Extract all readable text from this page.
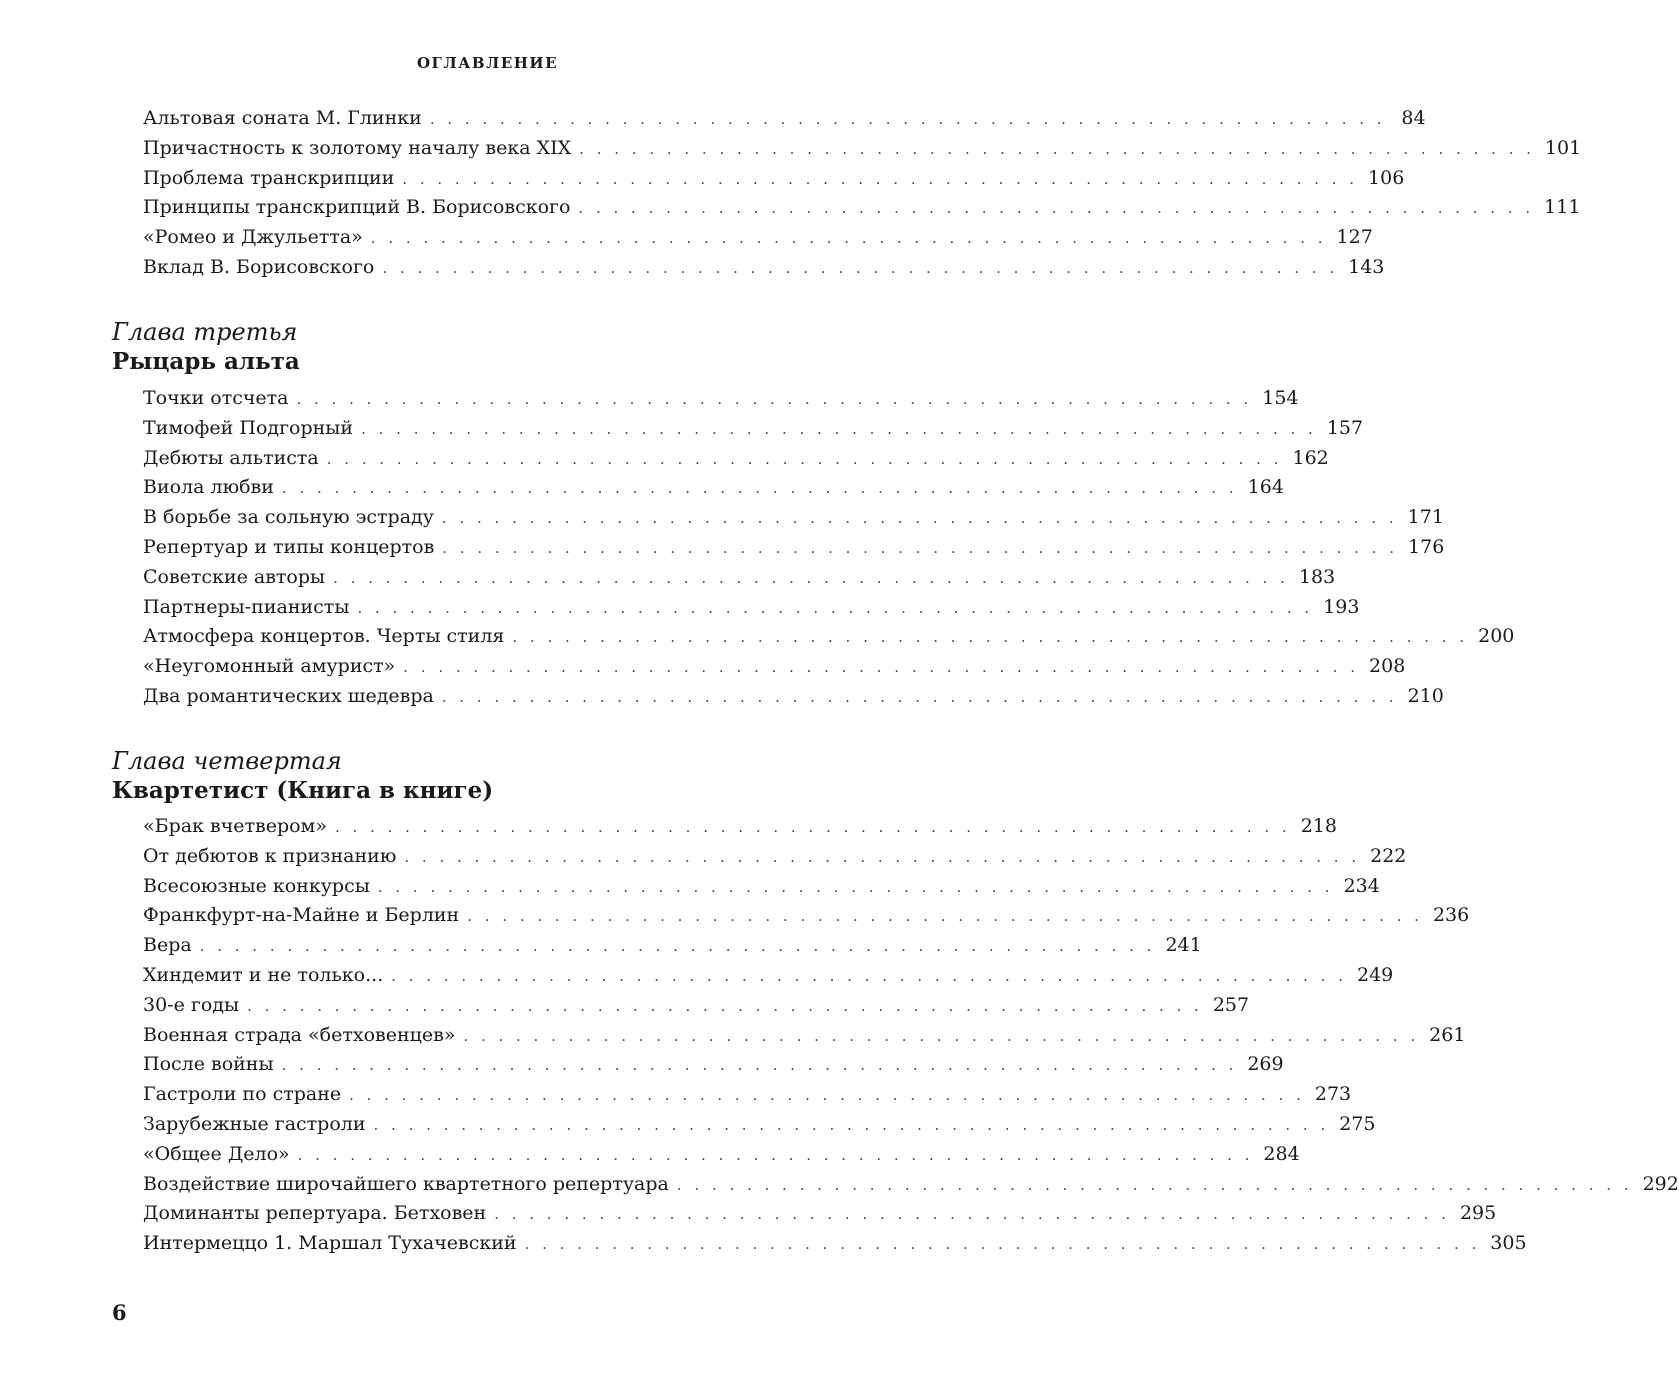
ОГЛАВЛЕНИЕ
Альтовая соната М. Глинки . . . . . . . . . . . . . . . . . . . . . . . . . . . . . . . . . . . . . . . . . . . . . . . . . . . . . . . 84
Причастность к золотому началу века XIX . . . . . . . . . . . . . . . . . . . . . . . . . . . . . . . . . . . . . . . . . . . . . . . . . . . . . . . 101
Проблема транскрипции . . . . . . . . . . . . . . . . . . . . . . . . . . . . . . . . . . . . . . . . . . . . . . . . . . . . . . . 106
Принципы транскрипций В. Борисовского . . . . . . . . . . . . . . . . . . . . . . . . . . . . . . . . . . . . . . . . . . . . . . . . . . . . . . . 111
«Ромео и Джульетта» . . . . . . . . . . . . . . . . . . . . . . . . . . . . . . . . . . . . . . . . . . . . . . . . . . . . . . . 127
Вклад В. Борисовского . . . . . . . . . . . . . . . . . . . . . . . . . . . . . . . . . . . . . . . . . . . . . . . . . . . . . . . 143
Глава третья
Рыцарь альта
Точки отсчета . . . . . . . . . . . . . . . . . . . . . . . . . . . . . . . . . . . . . . . . . . . . . . . . . . . . . . . 154
Тимофей Подгорный . . . . . . . . . . . . . . . . . . . . . . . . . . . . . . . . . . . . . . . . . . . . . . . . . . . . . . . 157
Дебюты альтиста . . . . . . . . . . . . . . . . . . . . . . . . . . . . . . . . . . . . . . . . . . . . . . . . . . . . . . . 162
Виола любви . . . . . . . . . . . . . . . . . . . . . . . . . . . . . . . . . . . . . . . . . . . . . . . . . . . . . . . 164
В борьбе за сольную эстраду . . . . . . . . . . . . . . . . . . . . . . . . . . . . . . . . . . . . . . . . . . . . . . . . . . . . . . . 171
Репертуар и типы концертов . . . . . . . . . . . . . . . . . . . . . . . . . . . . . . . . . . . . . . . . . . . . . . . . . . . . . . . 176
Советские авторы . . . . . . . . . . . . . . . . . . . . . . . . . . . . . . . . . . . . . . . . . . . . . . . . . . . . . . . 183
Партнеры-пианисты . . . . . . . . . . . . . . . . . . . . . . . . . . . . . . . . . . . . . . . . . . . . . . . . . . . . . . . 193
Атмосфера концертов. Черты стиля . . . . . . . . . . . . . . . . . . . . . . . . . . . . . . . . . . . . . . . . . . . . . . . . . . . . . . . 200
«Неугомонный амурист» . . . . . . . . . . . . . . . . . . . . . . . . . . . . . . . . . . . . . . . . . . . . . . . . . . . . . . . 208
Два романтических шедевра . . . . . . . . . . . . . . . . . . . . . . . . . . . . . . . . . . . . . . . . . . . . . . . . . . . . . . . 210
Глава четвертая
Квартетист (Книга в книге)
«Брак вчетвером» . . . . . . . . . . . . . . . . . . . . . . . . . . . . . . . . . . . . . . . . . . . . . . . . . . . . . . . 218
От дебютов к признанию . . . . . . . . . . . . . . . . . . . . . . . . . . . . . . . . . . . . . . . . . . . . . . . . . . . . . . . 222
Всесоюзные конкурсы . . . . . . . . . . . . . . . . . . . . . . . . . . . . . . . . . . . . . . . . . . . . . . . . . . . . . . . 234
Франкфурт-на-Майне и Берлин . . . . . . . . . . . . . . . . . . . . . . . . . . . . . . . . . . . . . . . . . . . . . . . . . . . . . . . 236
Вера . . . . . . . . . . . . . . . . . . . . . . . . . . . . . . . . . . . . . . . . . . . . . . . . . . . . . . . 241
Хиндемит и не только... . . . . . . . . . . . . . . . . . . . . . . . . . . . . . . . . . . . . . . . . . . . . . . . . . . . . . . . 249
30-е годы . . . . . . . . . . . . . . . . . . . . . . . . . . . . . . . . . . . . . . . . . . . . . . . . . . . . . . . 257
Военная страда «бетховенцев» . . . . . . . . . . . . . . . . . . . . . . . . . . . . . . . . . . . . . . . . . . . . . . . . . . . . . . . 261
После войны . . . . . . . . . . . . . . . . . . . . . . . . . . . . . . . . . . . . . . . . . . . . . . . . . . . . . . . 269
Гастроли по стране . . . . . . . . . . . . . . . . . . . . . . . . . . . . . . . . . . . . . . . . . . . . . . . . . . . . . . . 273
Зарубежные гастроли . . . . . . . . . . . . . . . . . . . . . . . . . . . . . . . . . . . . . . . . . . . . . . . . . . . . . . . 275
«Общее Дело» . . . . . . . . . . . . . . . . . . . . . . . . . . . . . . . . . . . . . . . . . . . . . . . . . . . . . . . 284
Воздействие широчайшего квартетного репертуара . . . . . . . . . . . . . . . . . . . . . . . . . . . . . . . . . . . . . . . . . . . . . . . . . . . . . . . 292
Доминанты репертуара. Бетховен . . . . . . . . . . . . . . . . . . . . . . . . . . . . . . . . . . . . . . . . . . . . . . . . . . . . . . . 295
Интермеццо 1. Маршал Тухачевский . . . . . . . . . . . . . . . . . . . . . . . . . . . . . . . . . . . . . . . . . . . . . . . . . . . . . . . 305
6
